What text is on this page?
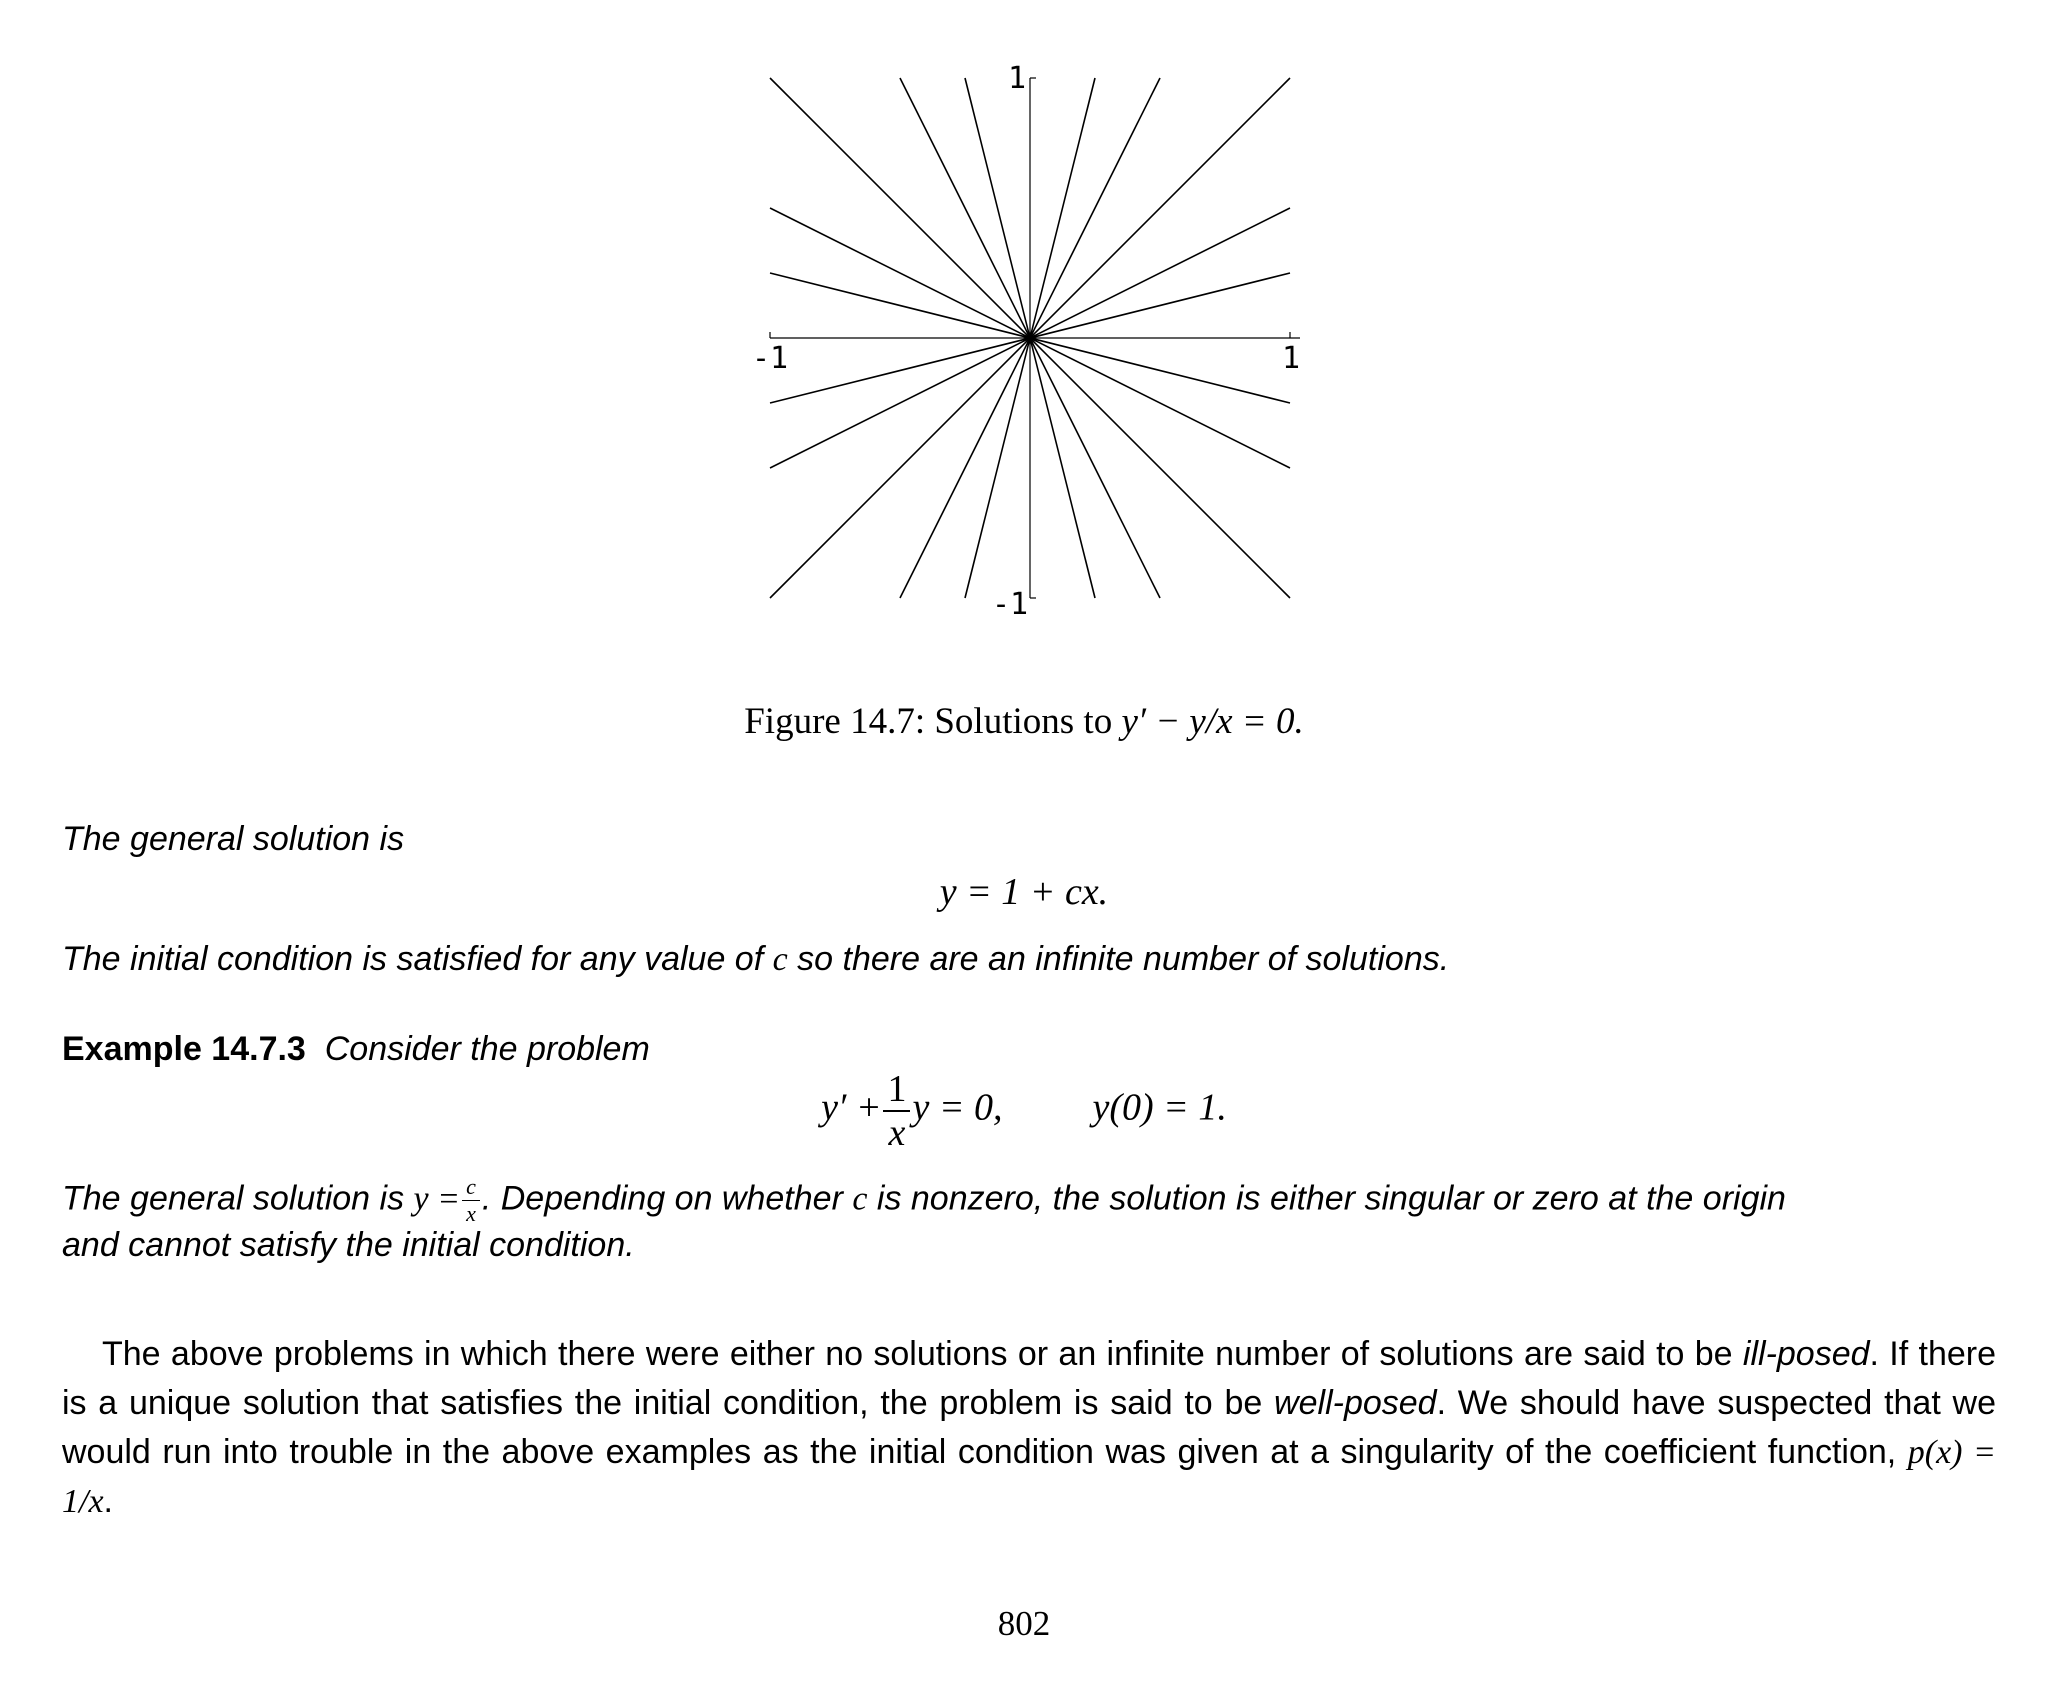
1
-1
-1	1
Figure 14.7: Solutions to y′ − y/x = 0.
The general solution is
y = 1 + cx.
The initial condition is satisfied for any value of c so there are an infinite number of solutions.
Example 14.7.3 Consider the problem
$y' + \frac{1}{x}$ y = 0, y(0) = 1.
The general solution is $y = \frac{c}{x}$ . Depending on whether c is nonzero, the solution is either singular or zero at the origin
and cannot satisfy the initial condition.
The above problems in which there were either no solutions or an infinite number of solutions are said to be ill-posed. If there is a unique solution that satisfies the initial condition, the problem is said to be well-posed. We should have suspected that we would run into trouble in the above examples as the initial condition was given at a singularity of the coefficient function, p(x) = 1/x.
802
